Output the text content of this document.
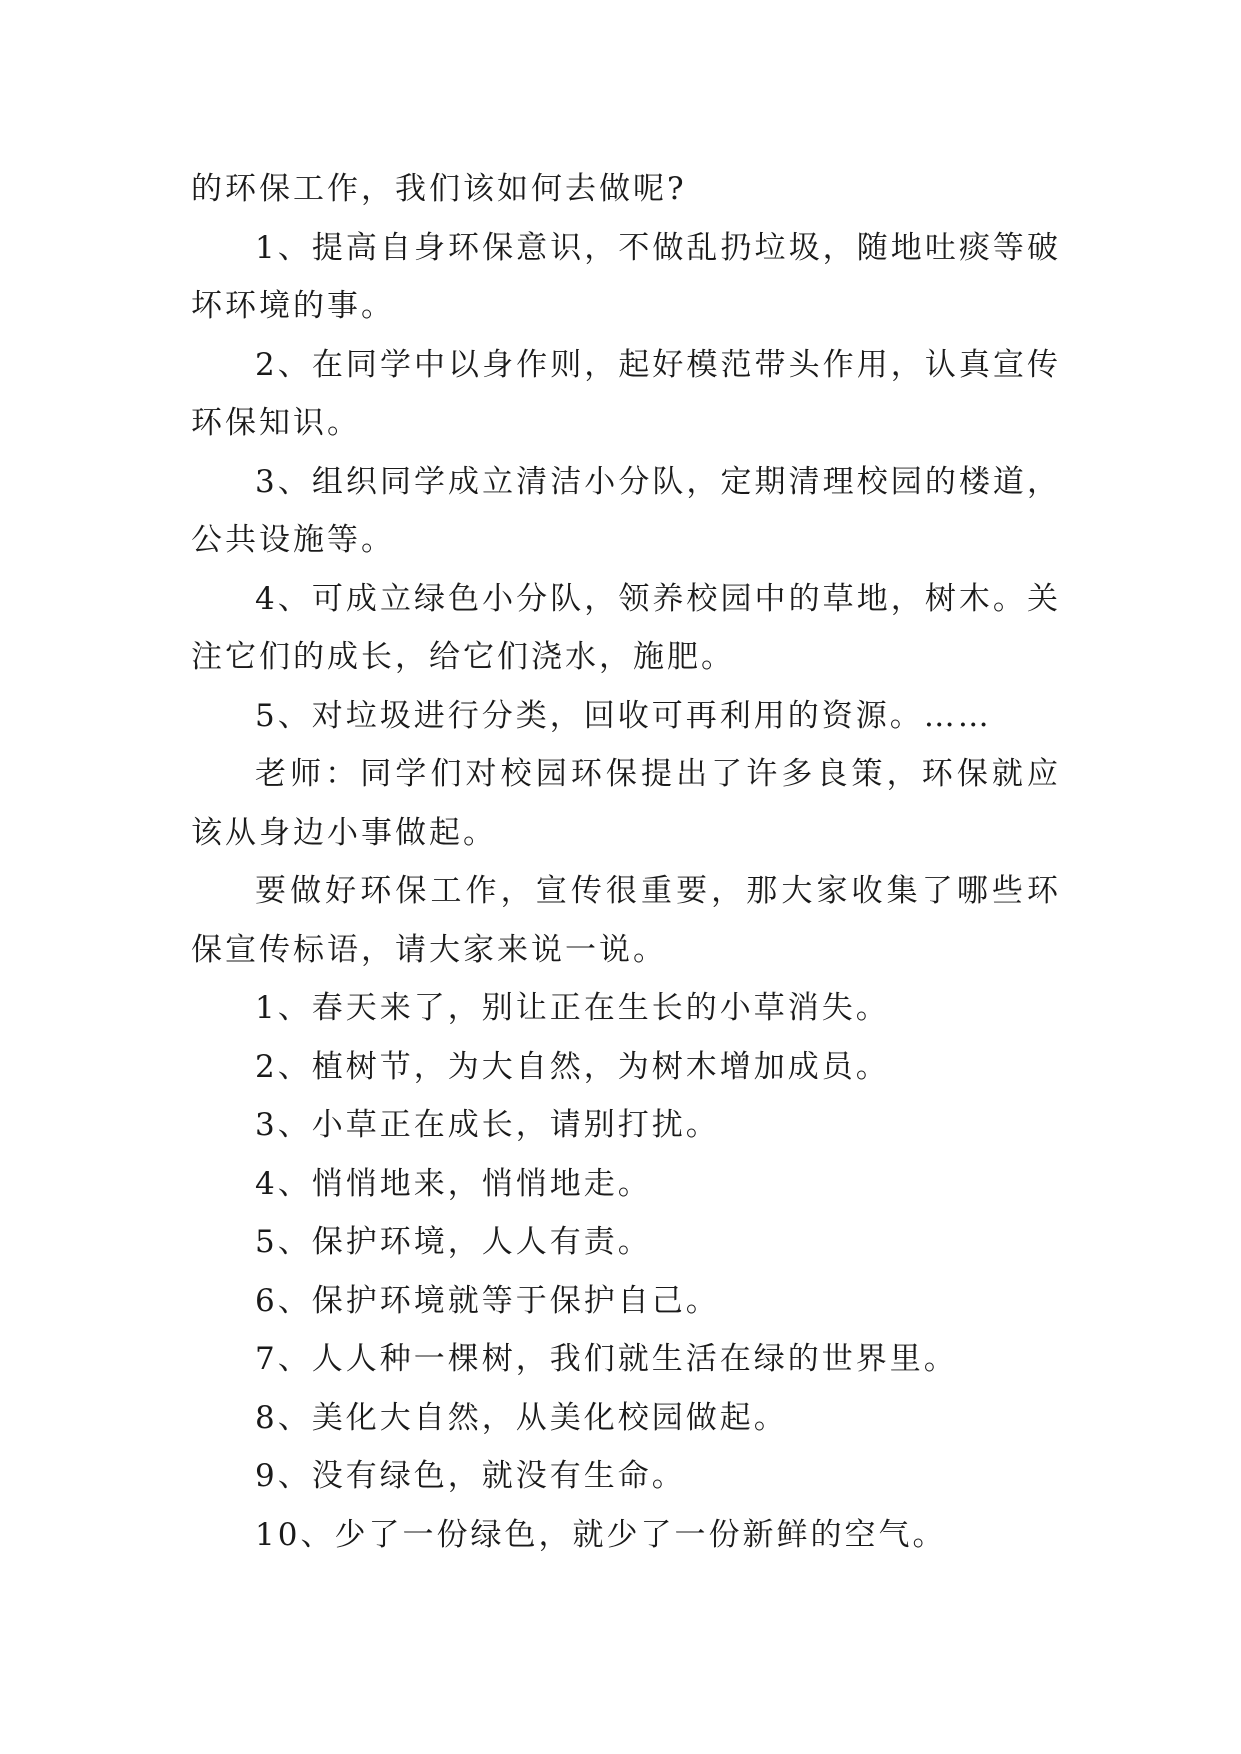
的环保工作，我们该如何去做呢?

1、提高自身环保意识，不做乱扔垃圾，随地吐痰等破坏环境的事。

2、在同学中以身作则，起好模范带头作用，认真宣传环保知识。

3、组织同学成立清洁小分队，定期清理校园的楼道，公共设施等。

4、可成立绿色小分队，领养校园中的草地，树木。关注它们的成长，给它们浇水，施肥。

5、对垃圾进行分类，回收可再利用的资源。……

老师：同学们对校园环保提出了许多良策，环保就应该从身边小事做起。

要做好环保工作，宣传很重要，那大家收集了哪些环保宣传标语，请大家来说一说。

1、春天来了，别让正在生长的小草消失。

2、植树节，为大自然，为树木增加成员。

3、小草正在成长，请别打扰。

4、悄悄地来，悄悄地走。

5、保护环境，人人有责。

6、保护环境就等于保护自己。

7、人人种一棵树，我们就生活在绿的世界里。

8、美化大自然，从美化校园做起。

9、没有绿色，就没有生命。

10、少了一份绿色，就少了一份新鲜的空气。
